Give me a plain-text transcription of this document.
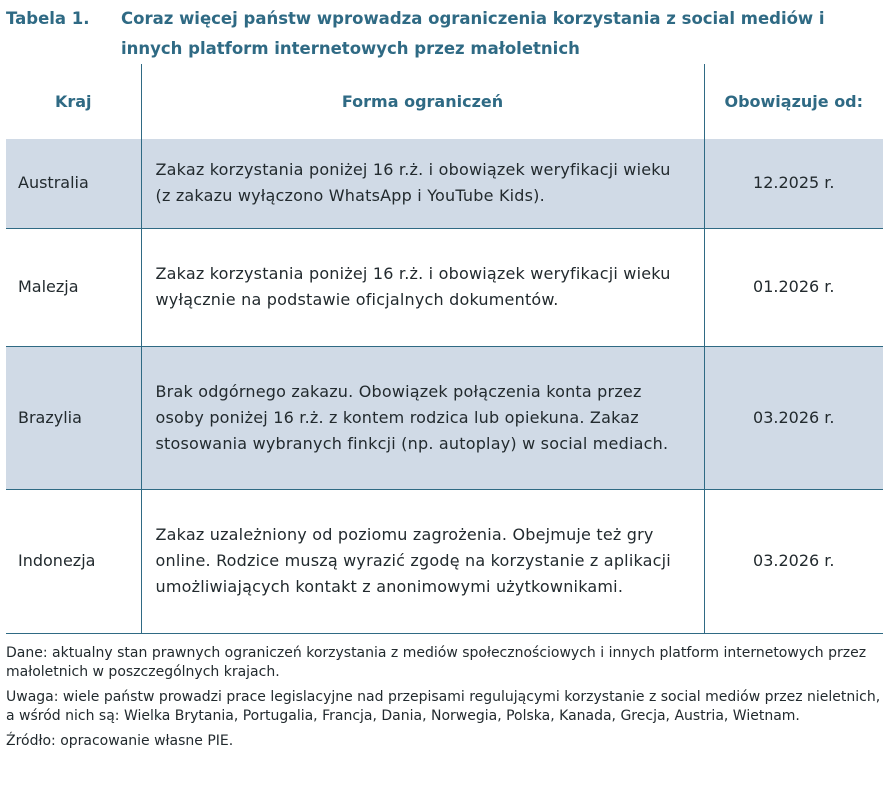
Tabela 1. Coraz więcej państw wprowadza ograniczenia korzystania z social mediów i innych platform internetowych przez małoletnich
Kraj	Forma ograniczeń	Obowiązuje od:
Australia	Zakaz korzystania poniżej 16 r.ż. i obowiązek weryfikacji wieku (z zakazu wyłączono WhatsApp i YouTube Kids).	12.2025 r.
Malezja	Zakaz korzystania poniżej 16 r.ż. i obowiązek weryfikacji wieku wyłącznie na podstawie oficjalnych dokumentów.	01.2026 r.
Brazylia	Brak odgórnego zakazu. Obowiązek połączenia konta przez osoby poniżej 16 r.ż. z kontem rodzica lub opiekuna. Zakaz stosowania wybranych finkcji (np. autoplay) w social mediach.	03.2026 r.
Indonezja	Zakaz uzależniony od poziomu zagrożenia. Obejmuje też gry online. Rodzice muszą wyrazić zgodę na korzystanie z aplikacji umożliwiających kontakt z anonimowymi użytkownikami.	03.2026 r.

Dane: aktualny stan prawnych ograniczeń korzystania z mediów społecznościowych i innych platform internetowych przez małoletnich w poszczególnych krajach.

Uwaga: wiele państw prowadzi prace legislacyjne nad przepisami regulującymi korzystanie z social mediów przez nieletnich, a wśród nich są: Wielka Brytania, Portugalia, Francja, Dania, Norwegia, Polska, Kanada, Grecja, Austria, Wietnam.

Źródło: opracowanie własne PIE.
